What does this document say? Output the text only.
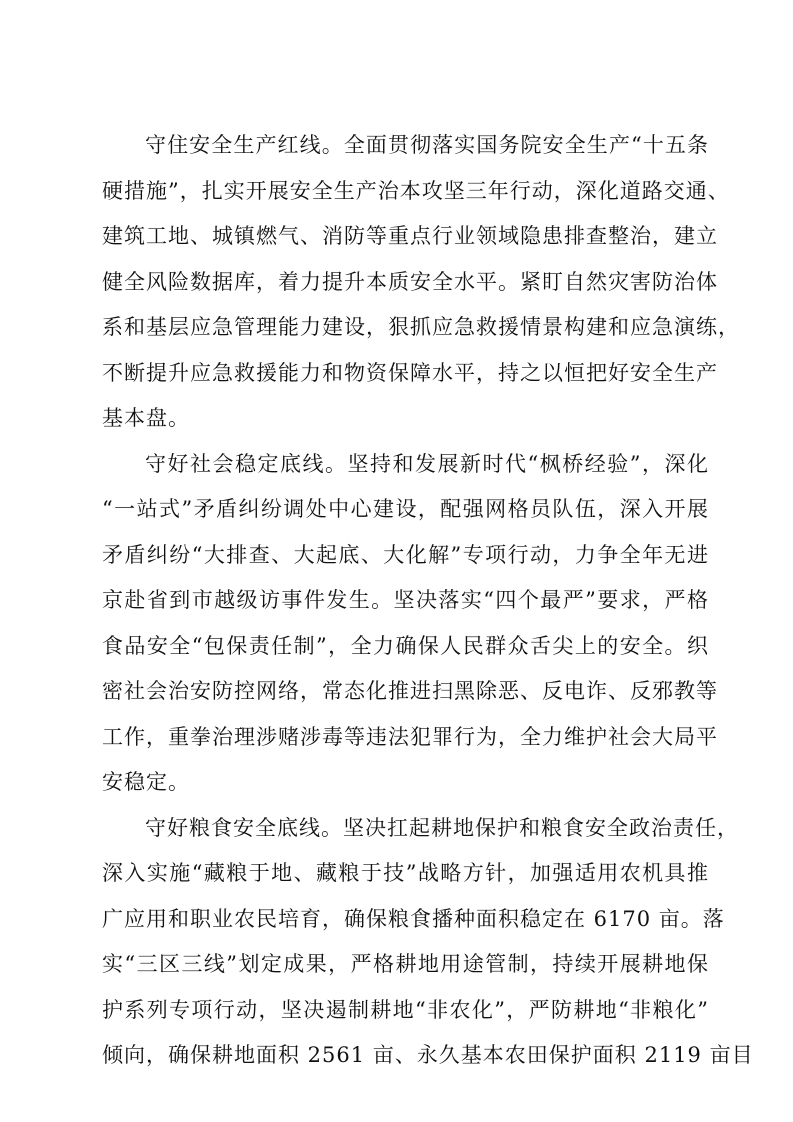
守住安全生产红线。全面贯彻落实国务院安全生产“十五条
硬措施”，扎实开展安全生产治本攻坚三年行动，深化道路交通、
建筑工地、城镇燃气、消防等重点行业领域隐患排查整治，建立
健全风险数据库，着力提升本质安全水平。紧盯自然灾害防治体
系和基层应急管理能力建设，狠抓应急救援情景构建和应急演练，
不断提升应急救援能力和物资保障水平，持之以恒把好安全生产
基本盘。
守好社会稳定底线。坚持和发展新时代“枫桥经验”，深化
“一站式”矛盾纠纷调处中心建设，配强网格员队伍，深入开展
矛盾纠纷“大排查、大起底、大化解”专项行动，力争全年无进
京赴省到市越级访事件发生。坚决落实“四个最严”要求，严格
食品安全“包保责任制”，全力确保人民群众舌尖上的安全。织
密社会治安防控网络，常态化推进扫黑除恶、反电诈、反邪教等
工作，重拳治理涉赌涉毒等违法犯罪行为，全力维护社会大局平
安稳定。
守好粮食安全底线。坚决扛起耕地保护和粮食安全政治责任，
深入实施“藏粮于地、藏粮于技”战略方针，加强适用农机具推
广应用和职业农民培育，确保粮食播种面积稳定在 6170 亩。落
实“三区三线”划定成果，严格耕地用途管制，持续开展耕地保
护系列专项行动，坚决遏制耕地“非农化”，严防耕地“非粮化”
倾向，确保耕地面积 2561 亩、永久基本农田保护面积 2119 亩目
